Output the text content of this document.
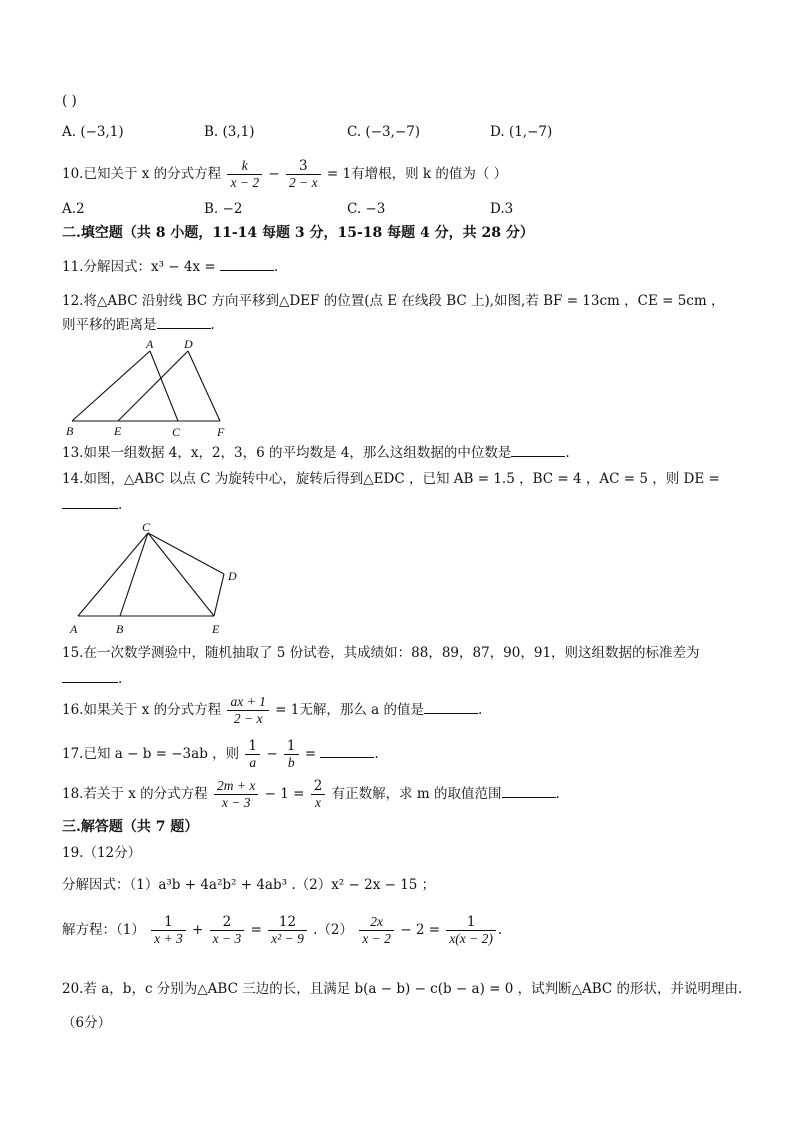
( )
A. (−3,1)	B. (3,1)	C. (−3,−7)	D. (1,−7)
10.已知关于 x 的分式方程 $\frac{k}{x - 2} - \frac{3}{2 - x} = 1$有增根，则 k 的值为（ ）
A.2	B. −2	C. −3	D.3
二.填空题（共 8 小题，11-14 每题 3 分，15-18 每题 4 分，共 28 分）
11.分解因式：x³ − 4x =	.
12.将△ABC 沿射线 BC 方向平移到△DEF 的位置(点 E 在线段 BC 上),如图,若 BF = 13cm ，CE = 5cm ，
则平移的距离是	.
A	D
B	E	C	F
13.如果一组数据 4，x，2，3，6 的平均数是 4，那么这组数据的中位数是	.
14.如图，△ABC 以点 C 为旋转中心，旋转后得到△EDC ，已知 AB = 1.5 ，BC = 4 ，AC = 5 ，则 DE =
.
C
D
A	B	E
15.在一次数学测验中，随机抽取了 5 份试卷，其成绩如：88，89，87，90，91，则这组数据的标准差为
.
16.如果关于 x 的分式方程 $\frac{ax + 1}{2 - x} = 1$无解，那么 a 的值是	.
17.已知 a − b = −3ab ，则 $\frac{1}{a} - \frac{1}{b}$ =	.
18.若关于 x 的分式方程 $\frac{2m + x}{x - 3} - 1 = \frac{2}{x}$ 有正数解，求 m 的取值范围	.
三.解答题（共 7 题）
19.（12分）
分解因式：（1）a³b + 4a²b² + 4ab³ .（2）x² − 2x − 15 ；
解方程：$(1) \frac{1}{x + 3} + \frac{2}{x - 3} = \frac{12}{\text{x² − 9}} .(2) \frac{2x}{x - 2} - 2 = \frac{1}{x(x - 2)}$ .
20.若 a，b，c 分别为△ABC 三边的长，且满足 b(a − b) − c(b − a) = 0 ，试判断△ABC 的形状，并说明理由.
（6分）
